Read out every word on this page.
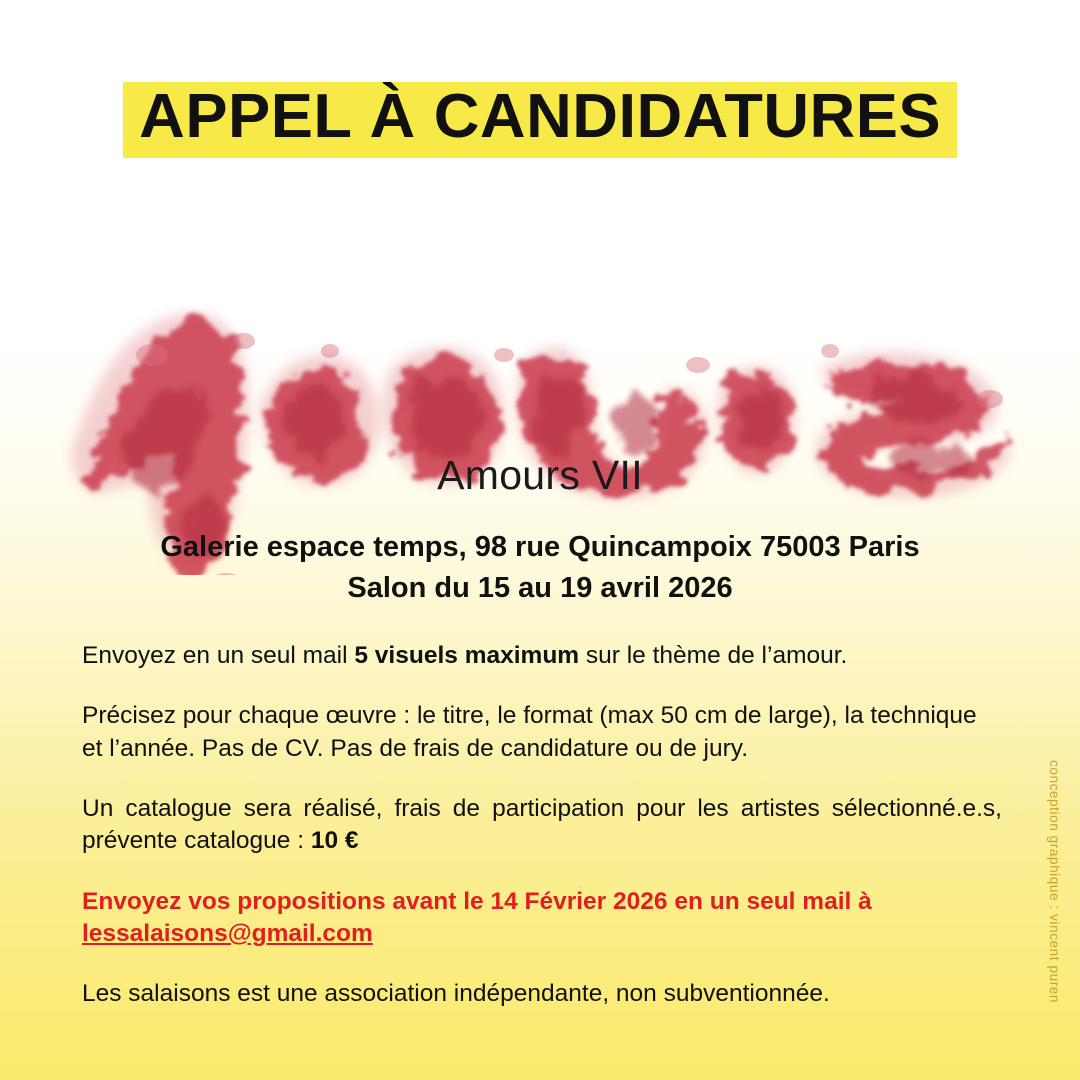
APPEL À CANDIDATURES
Amours VII
Galerie espace temps, 98 rue Quincampoix 75003 Paris
Salon du 15 au 19 avril 2026

Envoyez en un seul mail 5 visuels maximum sur le thème de l’amour.

Précisez pour chaque œuvre : le titre, le format (max 50 cm de large), la technique et l’année. Pas de CV. Pas de frais de candidature ou de jury.

Un catalogue sera réalisé, frais de participation pour les artistes sélectionné.e.s, prévente catalogue : 10 €

Envoyez vos propositions avant le 14 Février 2026 en un seul mail à lessalaisons@gmail.com

Les salaisons est une association indépendante, non subventionnée.	conception graphique : vincent puren
